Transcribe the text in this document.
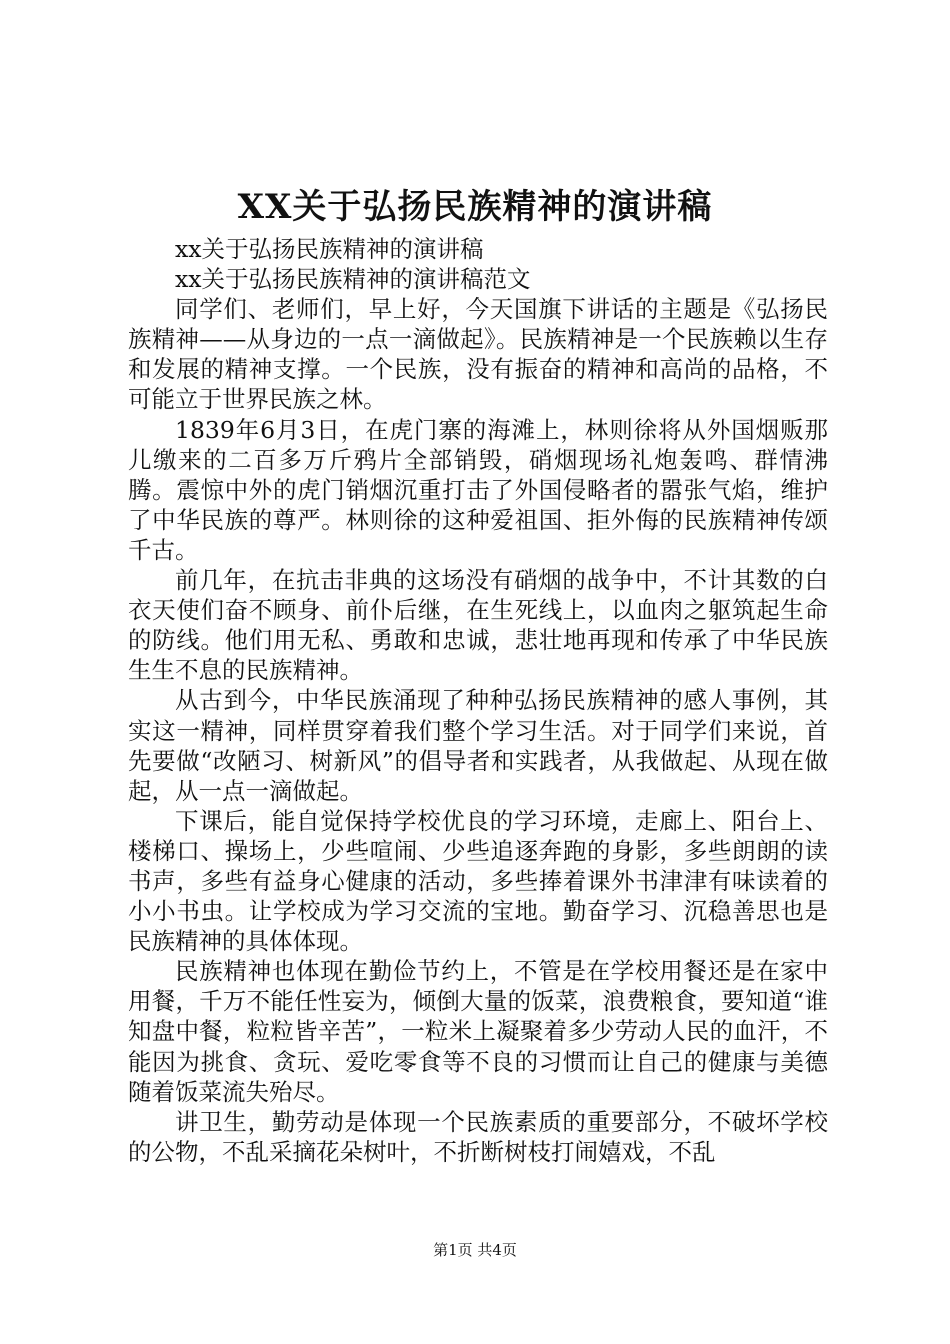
XX关于弘扬民族精神的演讲稿

xx关于弘扬民族精神的演讲稿

xx关于弘扬民族精神的演讲稿范文

同学们、老师们，早上好，今天国旗下讲话的主题是《弘扬民族精神——从身边的一点一滴做起》。民族精神是一个民族赖以生存和发展的精神支撑。一个民族，没有振奋的精神和高尚的品格，不可能立于世界民族之林。

1839年6月3日，在虎门寨的海滩上，林则徐将从外国烟贩那儿缴来的二百多万斤鸦片全部销毁，硝烟现场礼炮轰鸣、群情沸腾。震惊中外的虎门销烟沉重打击了外国侵略者的嚣张气焰，维护了中华民族的尊严。林则徐的这种爱祖国、拒外侮的民族精神传颂千古。

前几年，在抗击非典的这场没有硝烟的战争中，不计其数的白衣天使们奋不顾身、前仆后继，在生死线上，以血肉之躯筑起生命的防线。他们用无私、勇敢和忠诚，悲壮地再现和传承了中华民族生生不息的民族精神。

从古到今，中华民族涌现了种种弘扬民族精神的感人事例，其实这一精神，同样贯穿着我们整个学习生活。对于同学们来说，首先要做“改陋习、树新风”的倡导者和实践者，从我做起、从现在做起，从一点一滴做起。

下课后，能自觉保持学校优良的学习环境，走廊上、阳台上、楼梯口、操场上，少些喧闹、少些追逐奔跑的身影，多些朗朗的读书声，多些有益身心健康的活动，多些捧着课外书津津有味读着的小小书虫。让学校成为学习交流的宝地。勤奋学习、沉稳善思也是民族精神的具体体现。

民族精神也体现在勤俭节约上，不管是在学校用餐还是在家中用餐，千万不能任性妄为，倾倒大量的饭菜，浪费粮食，要知道“谁知盘中餐，粒粒皆辛苦”，一粒米上凝聚着多少劳动人民的血汗，不能因为挑食、贪玩、爱吃零食等不良的习惯而让自己的健康与美德随着饭菜流失殆尽。

讲卫生，勤劳动是体现一个民族素质的重要部分，不破坏学校的公物，不乱采摘花朵树叶，不折断树枝打闹嬉戏，不乱

第1页 共4页
